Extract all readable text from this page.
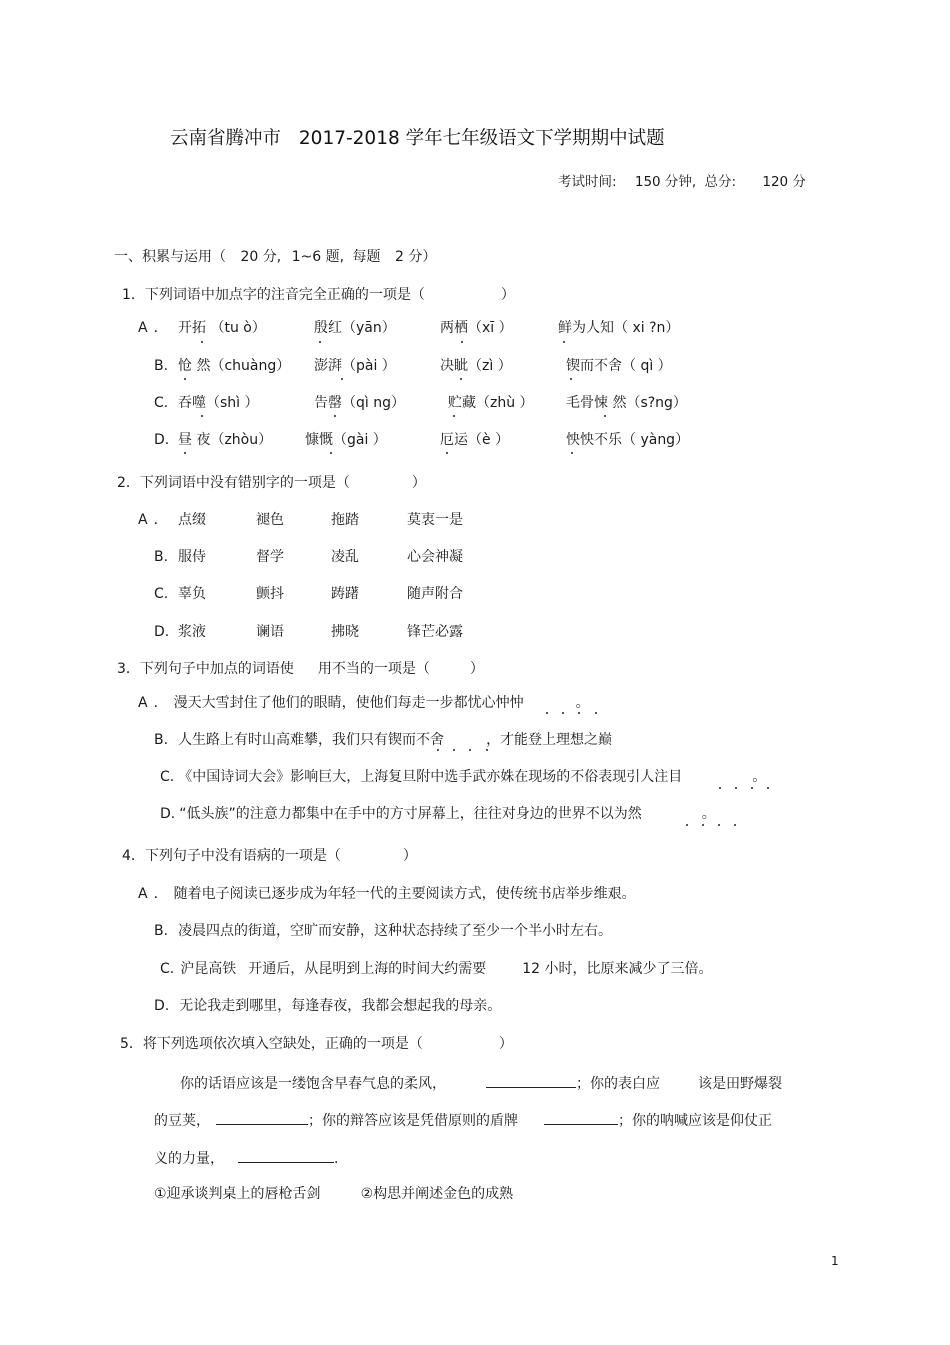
云南省腾冲市 2017-2018 学年七年级语文下学期期中试题
考试时间: 150 分钟, 总分: 120 分
一、积累与运用（ 20 分, 1~6 题, 每题 2 分）
1．下列词语中加点字的注音完全正确的一项是（	）
A ． 开拓 （tu ò）	殷红（yān）	两栖（xī ）	鲜为人知（ xi ?n）
B. 怆 然（chuàng） 澎湃（pài ）	决眦（zì ）	锲而不舍（ qì ）
C. 吞噬（shì ）	告罄（qì ng）	贮藏（zhù ） 毛骨悚 然（s?ng）
D. 昼 夜（zhòu） 慷慨（gài ）	厄运（è ）	怏怏不乐（ yàng）
2．下列词语中没有错别字的一项是（	）
A ． 点缀	褪色	拖踏	莫衷一是
B. 服侍	督学	凌乱	心会神凝
C. 辜负	颤抖	踌躇	随声附合
D. 浆液	谰语	拂晓	锋芒必露
3．下列句子中加点的词语使 用不当的一项是（	）
A ． 漫天大雪封住了他们的眼睛，使他们每走一步都忧心忡忡	。
B. 人生路上有时山高难攀，我们只有锲而不舍	，才能登上理想之巅
C. 《中国诗词大会》影响巨大，上海复旦附中选手武亦姝在现场的不俗表现引人注目	。
D. “低头族”的注意力都集中在手中的方寸屏幕上，往往对身边的世界不以为然	。
4．下列句子中没有语病的一项是（	）
A ． 随着电子阅读已逐步成为年轻一代的主要阅读方式，使传统书店举步维艰。
B. 凌晨四点的街道，空旷而安静，这种状态持续了至少一个半小时左右。
C. 沪昆高铁 开通后，从昆明到上海的时间大约需要	12 小时，比原来减少了三倍。
D. 无论我走到哪里，每逢春夜，我都会想起我的母亲。
5．将下列选项依次填入空缺处，正确的一项是（	）
你的话语应该是一缕饱含早春气息的柔风，	；你的表白应	该是田野爆裂
的豆荚，	；你的辩答应该是凭借原则的盾牌	；你的呐喊应该是仰仗正
义的力量，	.
①迎承谈判桌上的唇枪舌剑	②构思并阐述金色的成熟
1
